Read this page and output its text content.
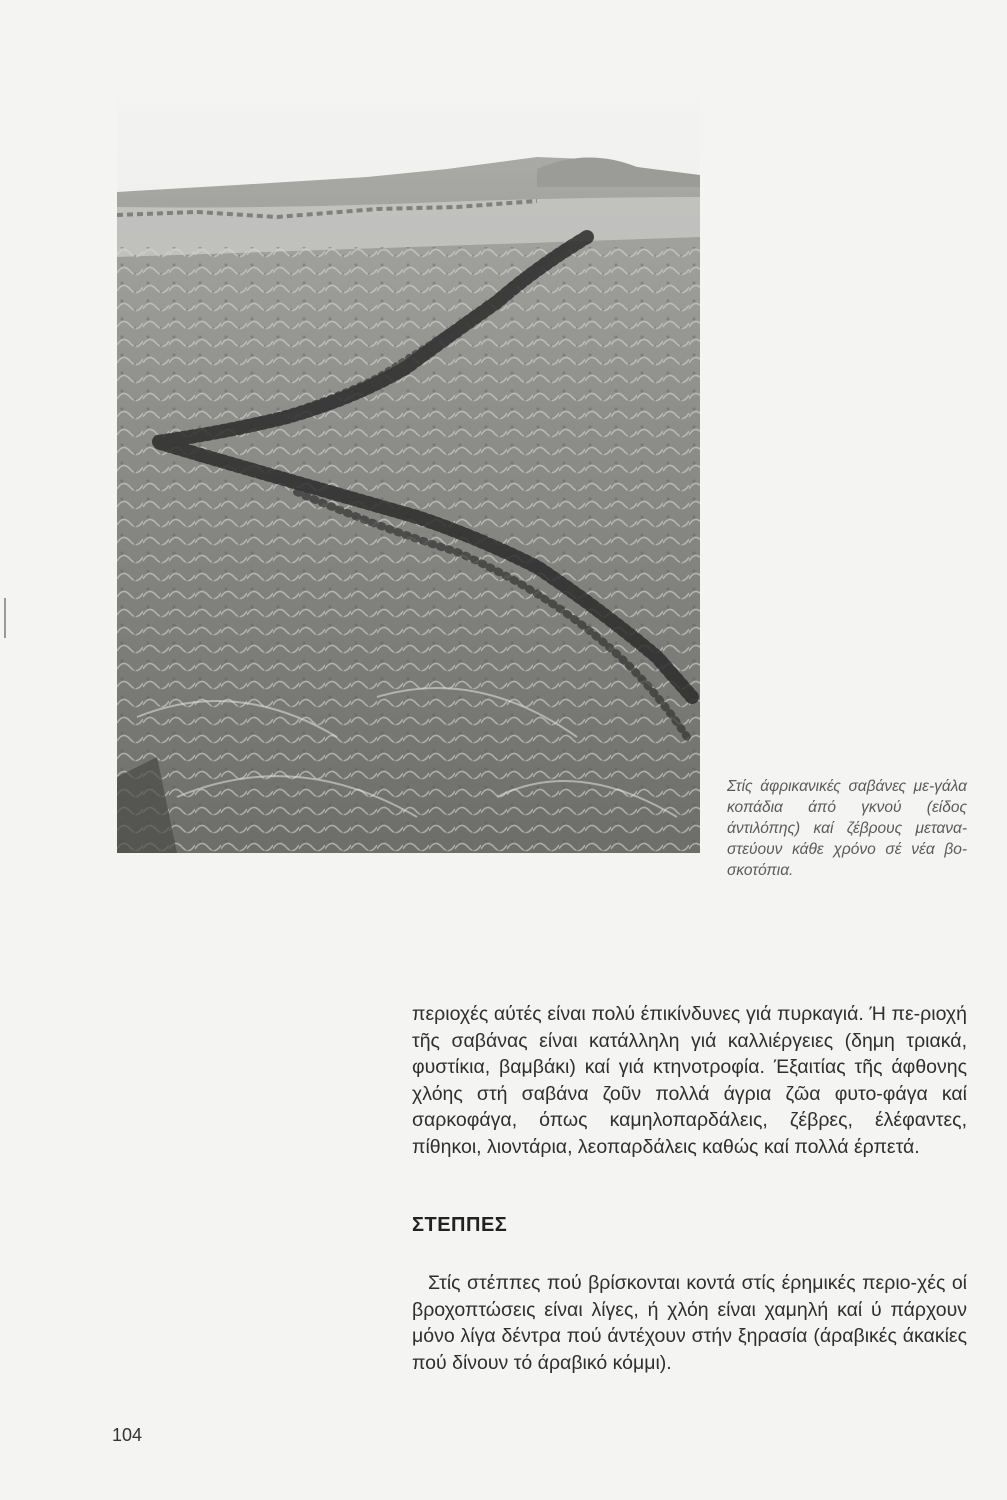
Στίς άφρικανικές σαβάνες με-γάλα κοπάδια άπό γκνού (είδος άντιλόπης) καί ζέβρους μετανα-στεύουν κάθε χρόνο σέ νέα βο-σκοτόπια.

περιοχές αύτές είναι πολύ έπικίνδυνες γιά πυρκαγιά. Ή πε-ριοχή τῆς σαβάνας είναι κατάλληλη γιά καλλιέργειες (δημη τριακά, φυστίκια, βαμβάκι) καί γιά κτηνοτροφία. Έξαιτίας τῆς άφθονης χλόης στή σαβάνα ζοῦν πολλά άγρια ζῶα φυτο-φάγα καί σαρκοφάγα, όπως καμηλοπαρδάλεις, ζέβρες, έλέφαντες, πίθηκοι, λιοντάρια, λεοπαρδάλεις καθώς καί πολλά έρπετά.

ΣΤΕΠΠΕΣ

Στίς στέππες πού βρίσκονται κοντά στίς έρημικές περιο-χές οί βροχοπτώσεις είναι λίγες, ή χλόη είναι χαμηλή καί ύ πάρχουν μόνο λίγα δέντρα πού άντέχουν στήν ξηρασία (άραβικές άκακίες πού δίνουν τό άραβικό κόμμι).

104
